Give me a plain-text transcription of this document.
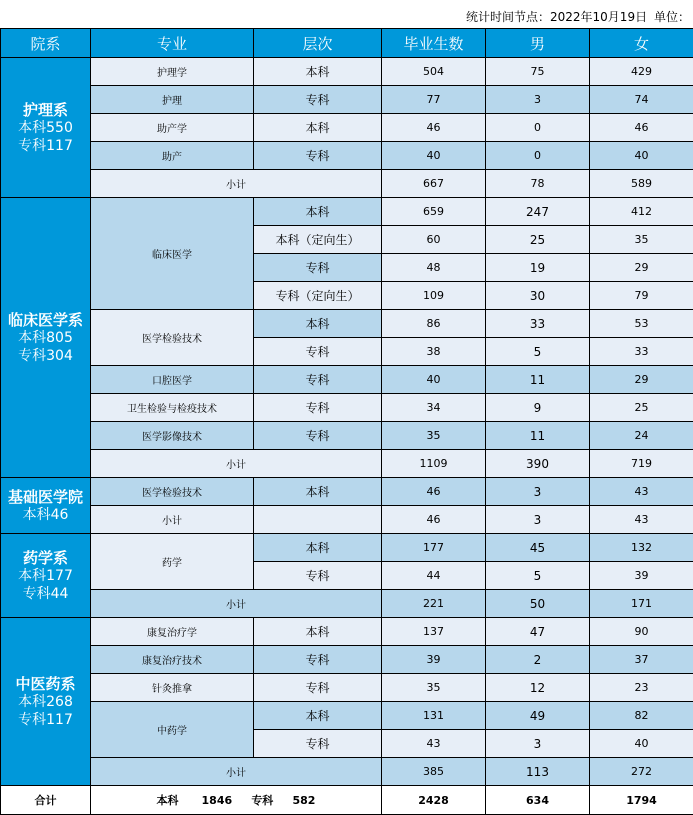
统计时间节点：2022年10月19日 单位：
院系	专业	层次	毕业生数	男	女

护理系
本科550
专科117	护理学	本科	504	75	429
	护理	专科	77	3	74
	助产学	本科	46	0	46
	助产	专科	40	0	40
	小计		667	78	589

临床医学系
本科805
专科304	临床医学	本科	659	247	412
		本科（定向生）	60	25	35
		专科	48	19	29
		专科（定向生）	109	30	79
	医学检验技术	本科	86	33	53
		专科	38	5	33
	口腔医学	专科	40	11	29
	卫生检验与检疫技术	专科	34	9	25
	医学影像技术	专科	35	11	24
	小计		1109	390	719

基础医学院
本科46	医学检验技术	本科	46	3	43
	小计		46	3	43

药学系
本科177
专科44	药学	本科	177	45	132
		专科	44	5	39
	小计		221	50	171

中医药系
本科268
专科117	康复治疗学	本科	137	47	90
	康复治疗技术	专科	39	2	37
	针灸推拿	专科	35	12	23
	中药学	本科	131	49	82
		专科	43	3	40
	小计		385	113	272
合计	本科 1846 专科 582		2428	634	1794
